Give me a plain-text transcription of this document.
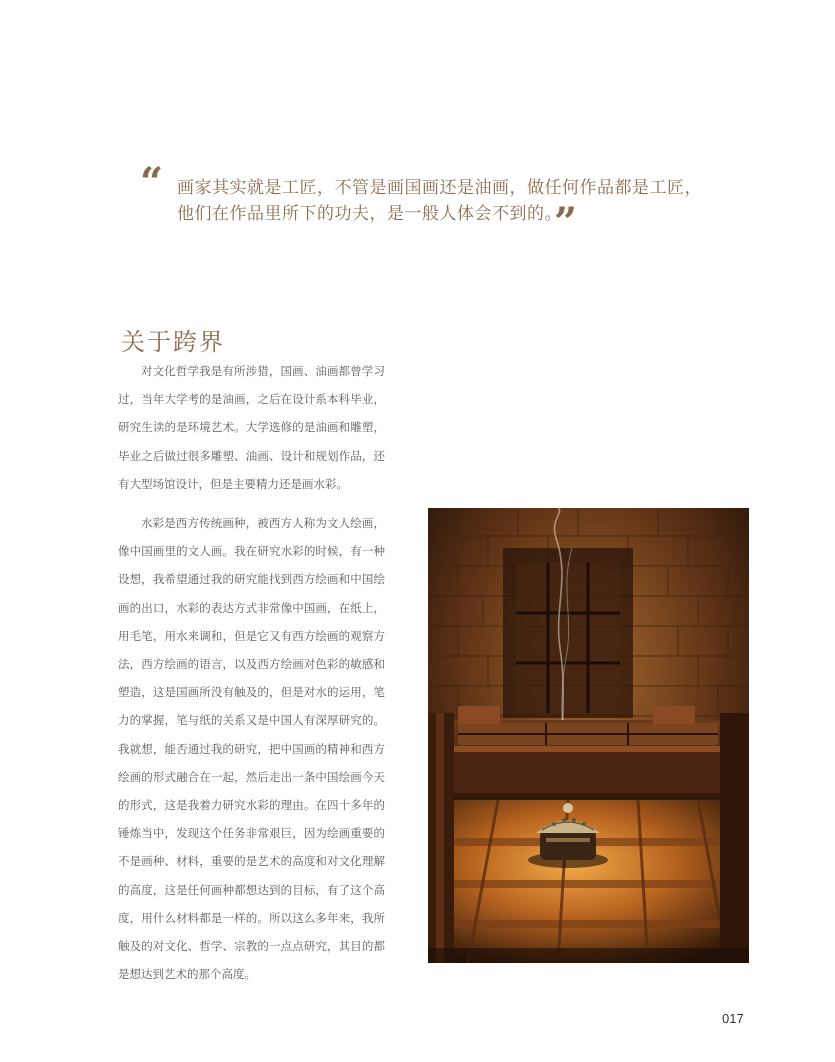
“ 画家其实就是工匠，不管是画国画还是油画，做任何作品都是工匠，
他们在作品里所下的功夫，是一般人体会不到的。
”
关于跨界

对文化哲学我是有所涉猎，国画、油画都曾学习过，当年大学考的是油画，之后在设计系本科毕业，研究生读的是环境艺术。大学选修的是油画和雕塑，毕业之后做过很多雕塑、油画、设计和规划作品，还有大型场馆设计，但是主要精力还是画水彩。

水彩是西方传统画种，被西方人称为文人绘画，像中国画里的文人画。我在研究水彩的时候，有一种设想，我希望通过我的研究能找到西方绘画和中国绘画的出口，水彩的表达方式非常像中国画，在纸上，用毛笔，用水来调和，但是它又有西方绘画的观察方法，西方绘画的语言，以及西方绘画对色彩的敏感和塑造，这是国画所没有触及的，但是对水的运用，笔力的掌握，笔与纸的关系又是中国人有深厚研究的。我就想，能否通过我的研究，把中国画的精神和西方绘画的形式融合在一起，然后走出一条中国绘画今天的形式，这是我着力研究水彩的理由。在四十多年的锤炼当中，发现这个任务非常艰巨，因为绘画重要的不是画种、材料，重要的是艺术的高度和对文化理解的高度，这是任何画种都想达到的目标，有了这个高度，用什么材料都是一样的。所以这么多年来，我所触及的对文化、哲学、宗教的一点点研究，其目的都是想达到艺术的那个高度。

017
